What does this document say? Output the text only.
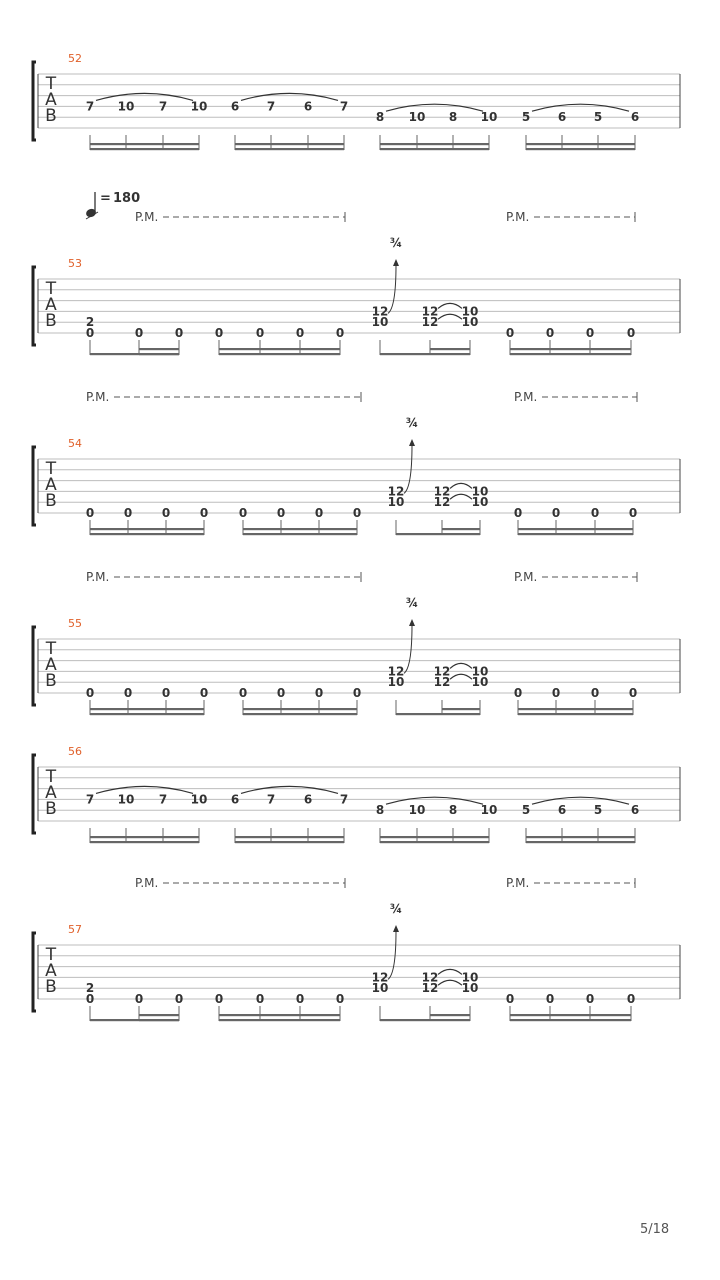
T
A
B
52
7 10 7 10 6 7 6 7
8 10 8 10 5 6 5 6
T
A
B
53
P.M.	P.M.
0	0	0	0	0	0	0	0	0	0	0
2
12
10
12
12
10
10
¾
T
A
B
54
P.M.	P.M.
0 0 0 0	0 0 0 0	0 0	0 0
12
10
12
12
10
10
¾
T
A
B
55
P.M.	P.M.
0 0 0 0	0 0 0 0	0 0	0 0
12
10
12
12
10
10
¾
T
A
B
56
7 10 7 10 6 7 6 7
8 10 8 10 5 6 5 6
T
A
B
57
P.M.	P.M.
0	0	0	0	0	0	0	0	0	0	0
2
12
10
12
12
10
10
¾
= 180
5/18
